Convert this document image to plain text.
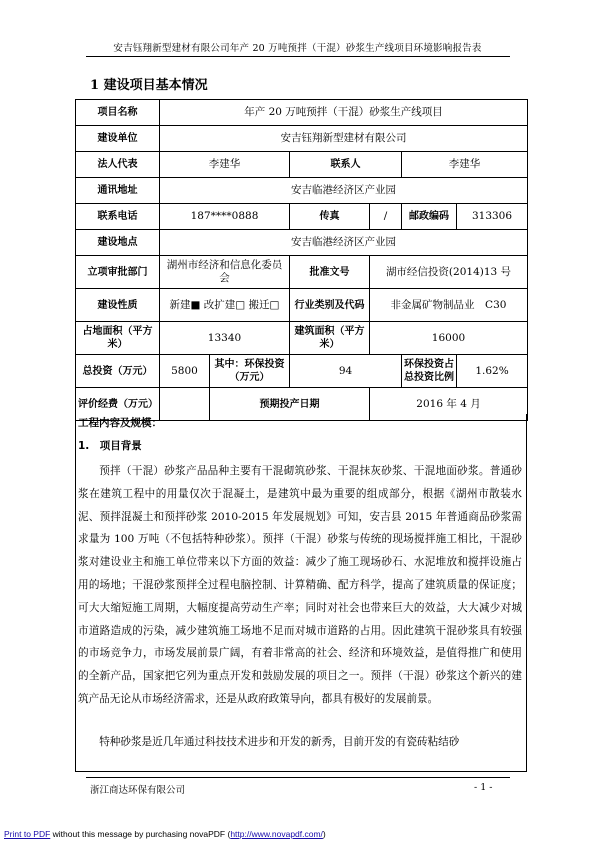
安吉钰翔新型建材有限公司年产 20 万吨预拌（干混）砂浆生产线项目环境影响报告表
1 建设项目基本情况
项目名称	年产 20 万吨预拌（干混）砂浆生产线项目					
建设单位	安吉钰翔新型建材有限公司					
法人代表	李建华		联系人		李建华	
通讯地址	安吉临港经济区产业园					
联系电话	187****0888		传真	/	邮政编码	313306
建设地点	安吉临港经济区产业园					
立项审批部门	湖州市经济和信息化委员会		批准文号	湖市经信投资(2014)13 号		
建设性质	新建■ 改扩建□ 搬迁□		行业类别及代码	非金属矿物制品业　C30		
占地面积（平方米）	13340		建筑面积（平方米）	16000		
总投资（万元）	5800	其中：环保投资（万元）	94		环保投资占总投资比例	1.62%
评价经费（万元）		预期投产日期		2016 年 4 月		
工程内容及规模：
1.　项目背景

预拌（干混）砂浆产品品种主要有干混砌筑砂浆、干混抹灰砂浆、干混地面砂浆。普通砂浆在建筑工程中的用量仅次于混凝土，是建筑中最为重要的组成部分，根据《湖州市散装水泥、预拌混凝土和预拌砂浆 2010-2015 年发展规划》可知，安吉县 2015 年普通商品砂浆需求量为 100 万吨（不包括特种砂浆）。预拌（干混）砂浆与传统的现场搅拌施工相比，干混砂浆对建设业主和施工单位带来以下方面的效益：减少了施工现场砂石、水泥堆放和搅拌设施占用的场地；干混砂浆预拌全过程电脑控制、计算精确、配方科学，提高了建筑质量的保证度；可大大缩短施工周期，大幅度提高劳动生产率；同时对社会也带来巨大的效益，大大减少对城市道路造成的污染，减少建筑施工场地不足而对城市道路的占用。因此建筑干混砂浆具有较强的市场竞争力，市场发展前景广阔，有着非常高的社会、经济和环境效益，是值得推广和使用的全新产品，国家把它列为重点开发和鼓励发展的项目之一。预拌（干混）砂浆这个新兴的建筑产品无论从市场经济需求，还是从政府政策导向，都具有极好的发展前景。

特种砂浆是近几年通过科技技术进步和开发的新秀，目前开发的有瓷砖粘结砂

浙江商达环保有限公司	- 1 -
Print to PDF without this message by purchasing novaPDF (http://www.novapdf.com/)
